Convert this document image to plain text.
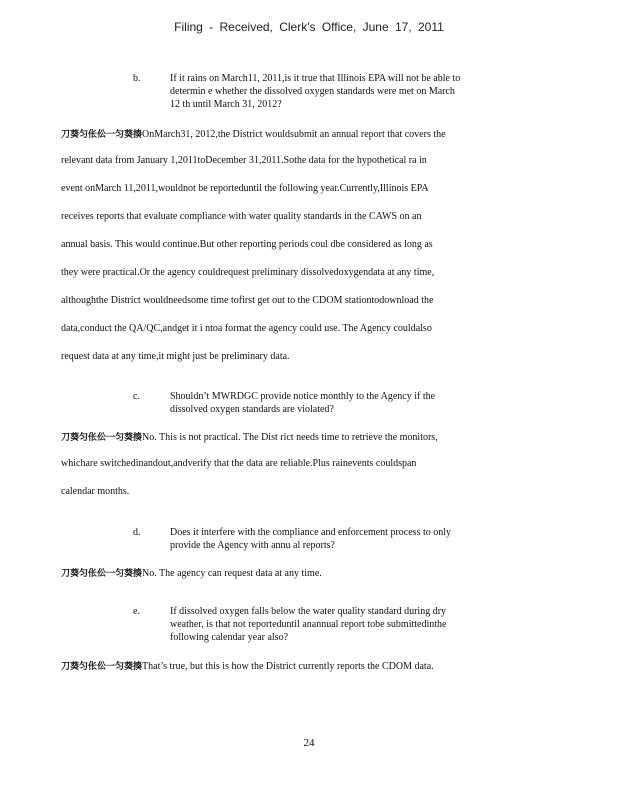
Filing - Received, Clerk's Office, June 17, 2011
b.	If it rains on March11, 2011,is it true that Illinois EPA will not be able to
determin e whether the dissolved oxygen standards were met on March
12 th until March 31, 2012?
刀葵匀伥伀一匀葵揍OnMarch31, 2012,the District wouldsubmit an annual report that covers the
relevant data from January 1,2011toDecember 31,2011.Sothe data for the hypothetical ra in
event onMarch 11,2011,wouldnot be reporteduntil the following year.Currently,Illinois EPA
receives reports that evaluate compliance with water quality standards in the CAWS on an
annual basis. This would continue.But other reporting periods coul dbe considered as long as
they were practical.Or the agency couldrequest preliminary dissolvedoxygendata at any time,
althoughthe District wouldneedsome time tofirst get out to the CDOM stationtodownload the
data,conduct the QA/QC,andget it i ntoa format the agency could use. The Agency couldalso
request data at any time,it might just be preliminary data.
c.	Shouldn’t MWRDGC provide notice monthly to the Agency if the
dissolved oxygen standards are violated?
刀葵匀伥伀一匀葵揍No. This is not practical. The Dist rict needs time to retrieve the monitors,
whichare switchedinandout,andverify that the data are reliable.Plus rainevents couldspan
calendar months.
d.	Does it interfere with the compliance and enforcement process to only
provide the Agency with annu al reports?
刀葵匀伥伀一匀葵揍No. The agency can request data at any time.
e.	If dissolved oxygen falls below the water quality standard during dry
weather, is that not reporteduntil anannual report tobe submittedinthe
following calendar year also?
刀葵匀伥伀一匀葵揍That’s true, but this is how the District currently reports the CDOM data.
24
